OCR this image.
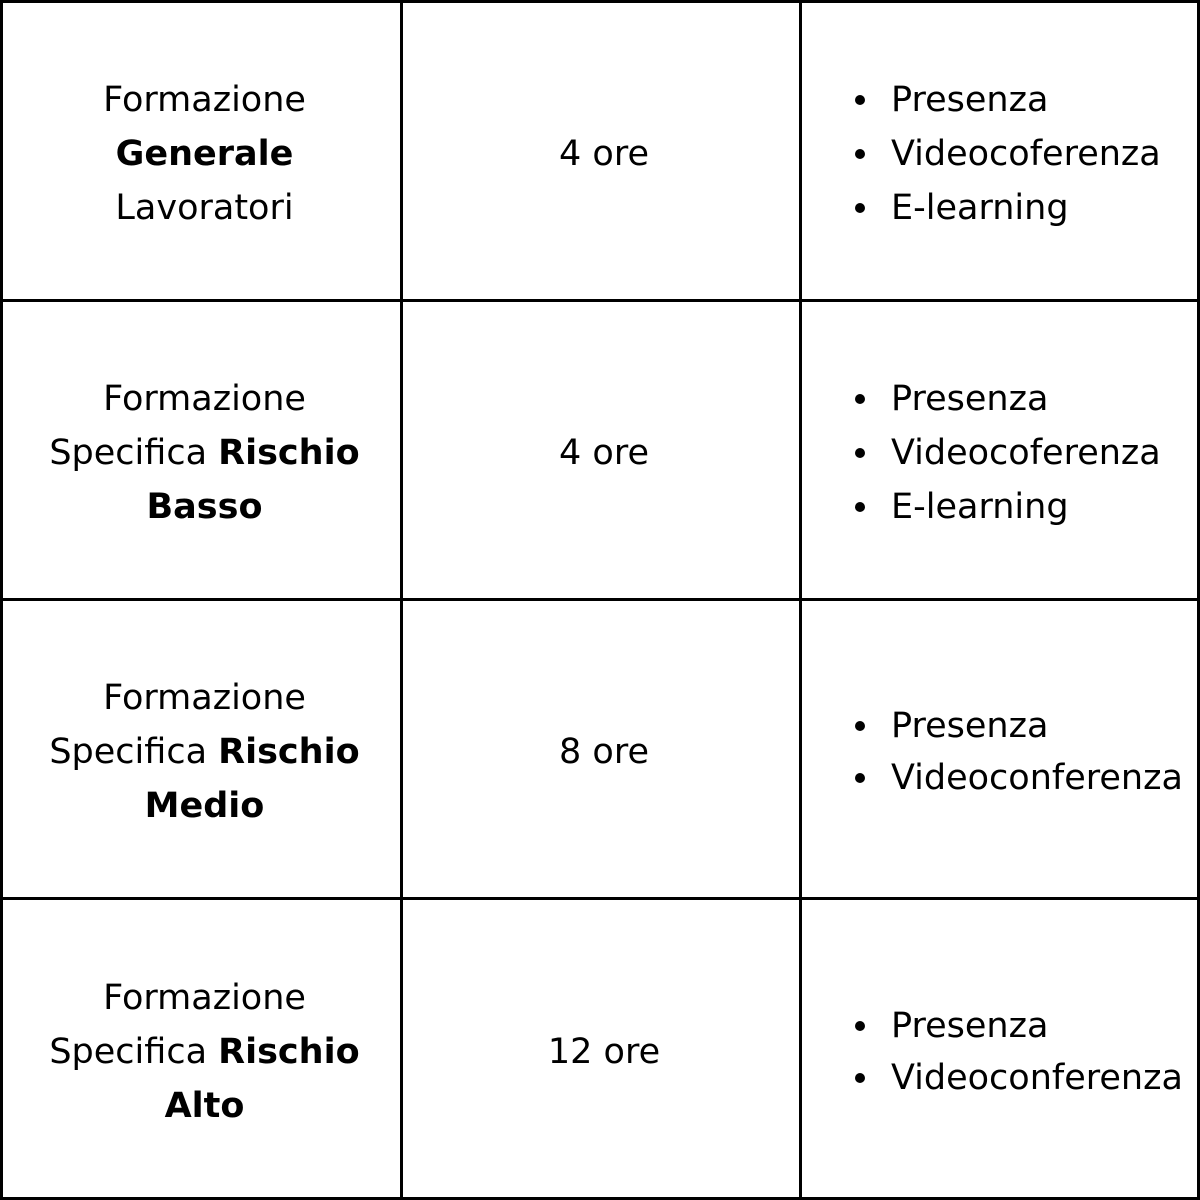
Formazione
Generale
Lavoratori
4 ore
Presenza
Videocoferenza
E-learning
Formazione
Specifica Rischio
Basso
4 ore
Presenza
Videocoferenza
E-learning
Formazione
Specifica Rischio
Medio
8 ore
Presenza
Videoconferenza
Formazione
Specifica Rischio
Alto
12 ore
Presenza
Videoconferenza
